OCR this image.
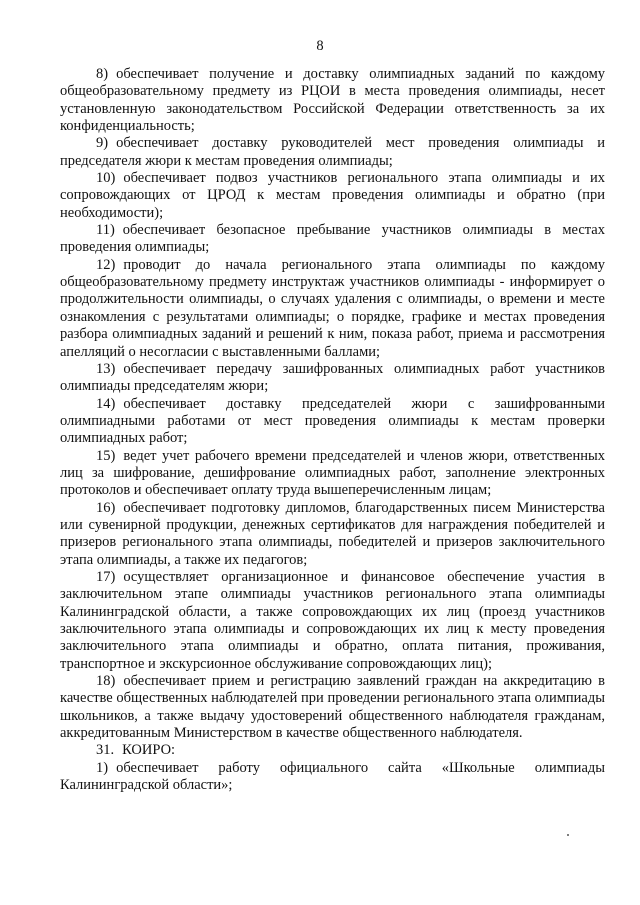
8

8) обеспечивает получение и доставку олимпиадных заданий по каждому общеобразовательному предмету из РЦОИ в места проведения олимпиады, несет установленную законодательством Российской Федерации ответственность за их конфиденциальность;

9) обеспечивает доставку руководителей мест проведения олимпиады и председателя жюри к местам проведения олимпиады;

10) обеспечивает подвоз участников регионального этапа олимпиады и их сопровождающих от ЦРОД к местам проведения олимпиады и обратно (при необходимости);

11) обеспечивает безопасное пребывание участников олимпиады в местах проведения олимпиады;

12) проводит до начала регионального этапа олимпиады по каждому общеобразовательному предмету инструктаж участников олимпиады - информирует о продолжительности олимпиады, о случаях удаления с олимпиады, о времени и месте ознакомления с результатами олимпиады; о порядке, графике и местах проведения разбора олимпиадных заданий и решений к ним, показа работ, приема и рассмотрения апелляций о несогласии с выставленными баллами;

13) обеспечивает передачу зашифрованных олимпиадных работ участников олимпиады председателям жюри;

14) обеспечивает доставку председателей жюри с зашифрованными олимпиадными работами от мест проведения олимпиады к местам проверки олимпиадных работ;

15) ведет учет рабочего времени председателей и членов жюри, ответственных лиц за шифрование, дешифрование олимпиадных работ, заполнение электронных протоколов и обеспечивает оплату труда вышеперечисленным лицам;

16) обеспечивает подготовку дипломов, благодарственных писем Министерства или сувенирной продукции, денежных сертификатов для награждения победителей и призеров регионального этапа олимпиады, победителей и призеров заключительного этапа олимпиады, а также их педагогов;

17) осуществляет организационное и финансовое обеспечение участия в заключительном этапе олимпиады участников регионального этапа олимпиады Калининградской области, а также сопровождающих их лиц (проезд участников заключительного этапа олимпиады и сопровождающих их лиц к месту проведения заключительного этапа олимпиады и обратно, оплата питания, проживания, транспортное и экскурсионное обслуживание сопровождающих лиц);

18) обеспечивает прием и регистрацию заявлений граждан на аккредитацию в качестве общественных наблюдателей при проведении регионального этапа олимпиады школьников, а также выдачу удостоверений общественного наблюдателя гражданам, аккредитованным Министерством в качестве общественного наблюдателя.

31. КОИРО:

1) обеспечивает работу официального сайта «Школьные олимпиады Калининградской области»;
